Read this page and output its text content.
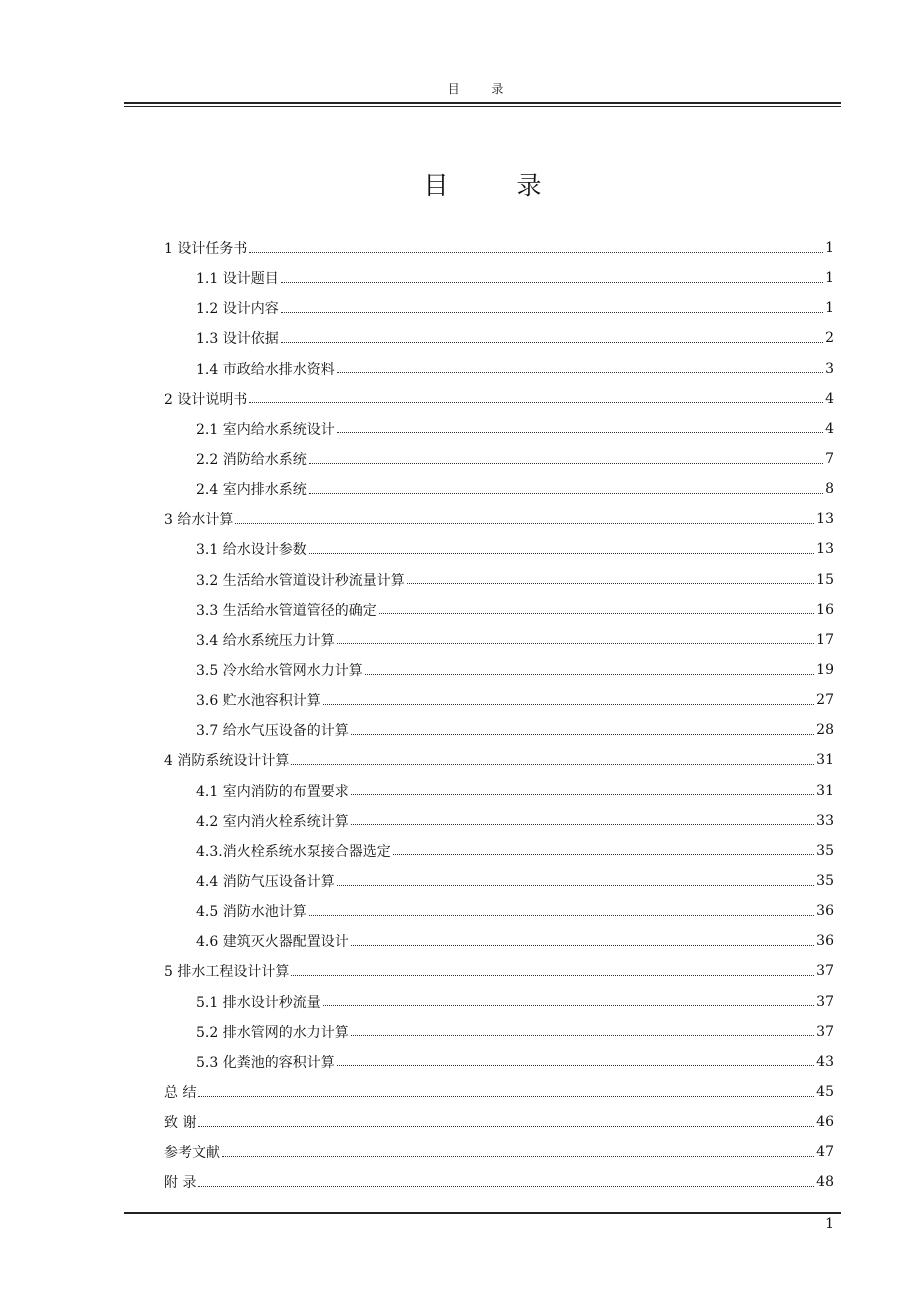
目 录
目 录
1 设计任务书	1
1.1 设计题目	1
1.2 设计内容	1
1.3 设计依据	2
1.4 市政给水排水资料	3
2 设计说明书	4
2.1 室内给水系统设计	4
2.2 消防给水系统	7
2.4 室内排水系统	8
3 给水计算	13
3.1 给水设计参数	13
3.2 生活给水管道设计秒流量计算	15
3.3 生活给水管道管径的确定	16
3.4 给水系统压力计算	17
3.5 冷水给水管网水力计算	19
3.6 贮水池容积计算	27
3.7 给水气压设备的计算	28
4 消防系统设计计算	31
4.1 室内消防的布置要求	31
4.2 室内消火栓系统计算	33
4.3.消火栓系统水泵接合器选定	35
4.4 消防气压设备计算	35
4.5 消防水池计算	36
4.6 建筑灭火器配置设计	36
5 排水工程设计计算	37
5.1 排水设计秒流量	37
5.2 排水管网的水力计算	37
5.3 化粪池的容积计算	43
总 结	45
致 谢	46
参考文献	47
附 录	48
1
